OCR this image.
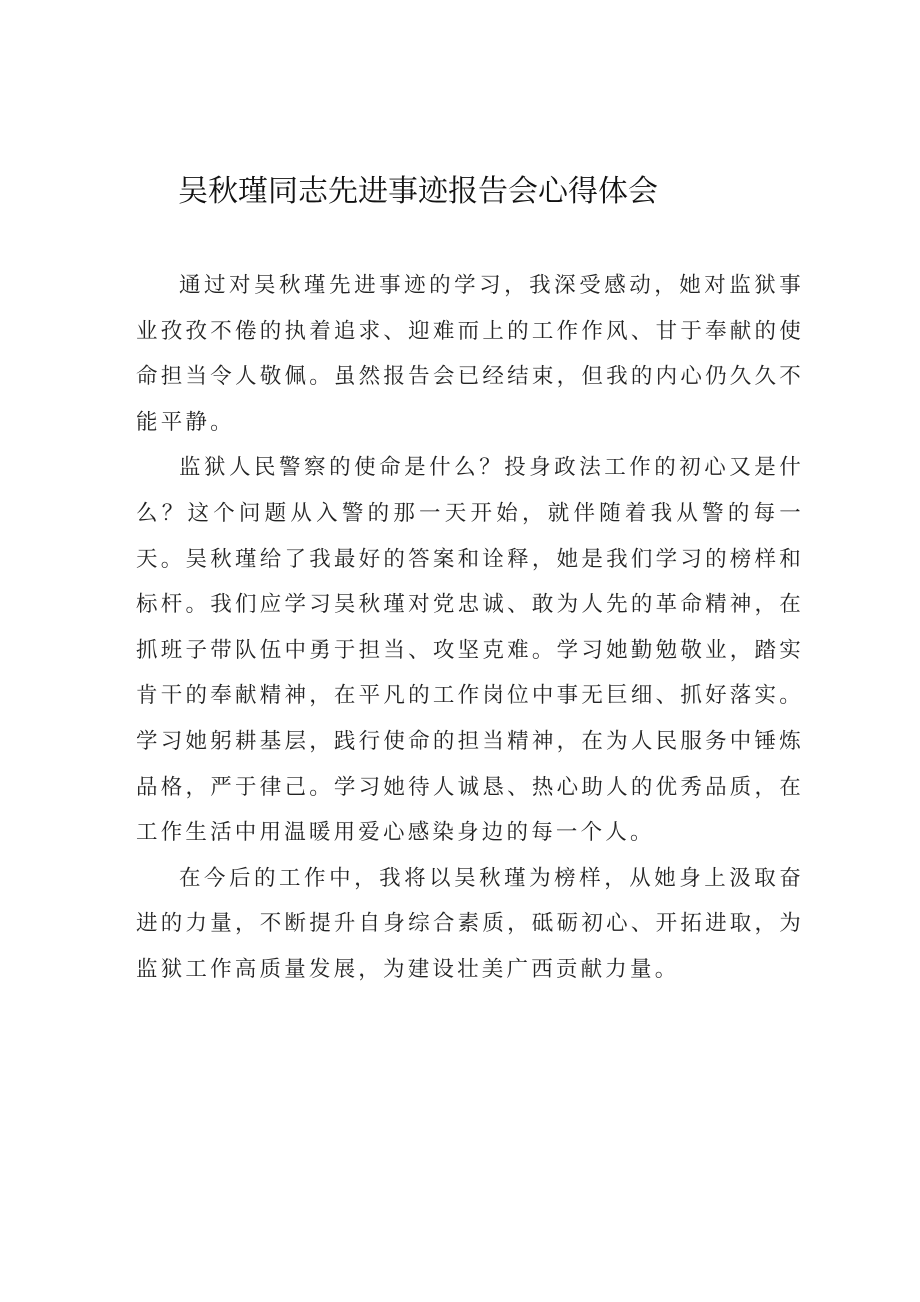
吴秋瑾同志先进事迹报告会心得体会

通过对吴秋瑾先进事迹的学习，我深受感动，她对监狱事业孜孜不倦的执着追求、迎难而上的工作作风、甘于奉献的使命担当令人敬佩。虽然报告会已经结束，但我的内心仍久久不能平静。

监狱人民警察的使命是什么？投身政法工作的初心又是什么？这个问题从入警的那一天开始，就伴随着我从警的每一天。吴秋瑾给了我最好的答案和诠释，她是我们学习的榜样和标杆。我们应学习吴秋瑾对党忠诚、敢为人先的革命精神，在抓班子带队伍中勇于担当、攻坚克难。学习她勤勉敬业，踏实肯干的奉献精神，在平凡的工作岗位中事无巨细、抓好落实。学习她躬耕基层，践行使命的担当精神，在为人民服务中锤炼品格，严于律己。学习她待人诚恳、热心助人的优秀品质，在工作生活中用温暖用爱心感染身边的每一个人。

在今后的工作中，我将以吴秋瑾为榜样，从她身上汲取奋进的力量，不断提升自身综合素质，砥砺初心、开拓进取，为监狱工作高质量发展，为建设壮美广西贡献力量。
